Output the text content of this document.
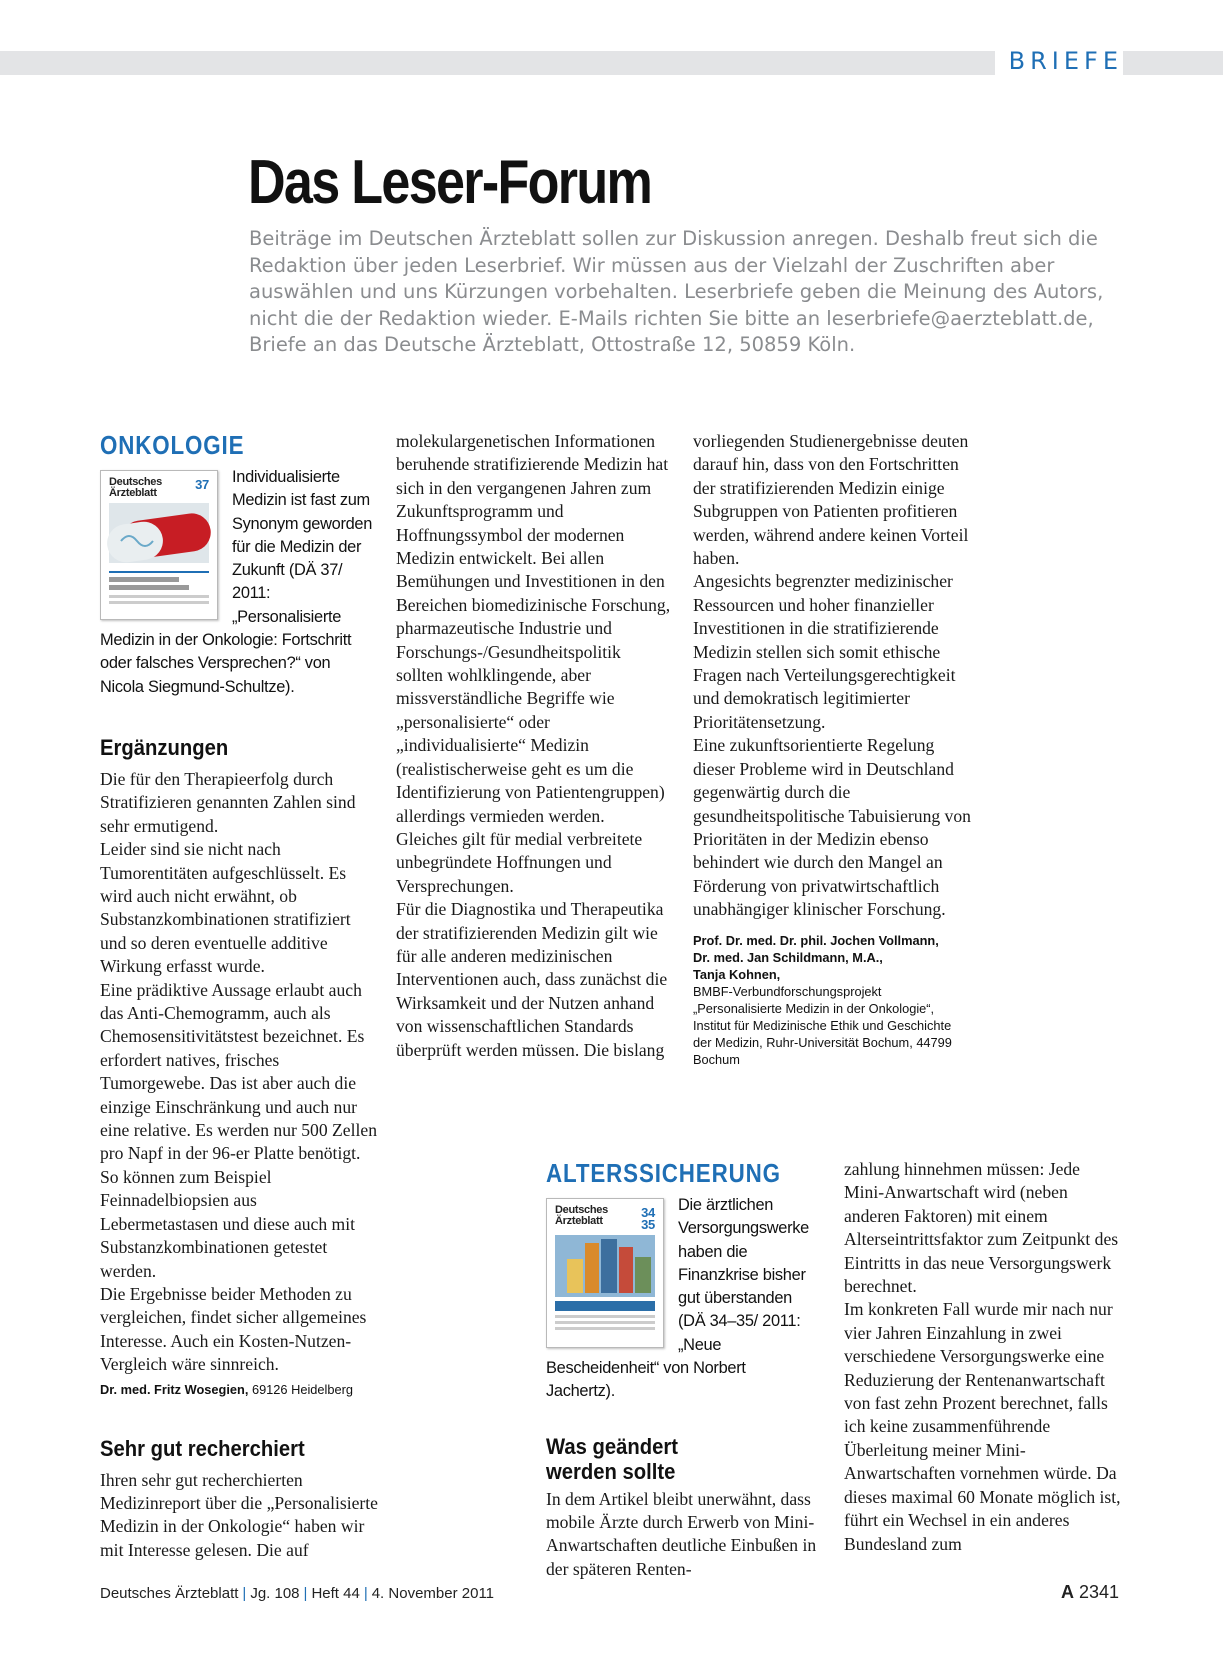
BRIEFE
Das Leser-Forum

Beiträge im Deutschen Ärzteblatt sollen zur Diskussion anregen. Deshalb freut sich die Redaktion über jeden Leserbrief. Wir müssen aus der Vielzahl der Zuschriften aber auswählen und uns Kürzungen vorbehalten. Leserbriefe geben die Meinung des Autors, nicht die der Redaktion wieder. E-Mails richten Sie bitte an leserbriefe@aerzteblatt.de, Briefe an das Deutsche Ärzteblatt, Ottostraße 12, 50859 Köln.

ONKOLOGIE
Deutsches
Ärzteblatt
37 Individualisierte Medizin ist fast zum Synonym geworden für die Medizin der Zukunft (DÄ 37/ 2011: „Personalisierte Medizin in der Onkologie: Fortschritt oder falsches Versprechen?“ von Nicola Siegmund-Schultze).
Ergänzungen

Die für den Therapieerfolg durch Stratifizieren genannten Zahlen sind sehr ermutigend.

Leider sind sie nicht nach Tumorentitäten aufgeschlüsselt. Es wird auch nicht erwähnt, ob Substanzkombinationen stratifiziert und so deren eventuelle additive Wirkung erfasst wurde.

Eine prädiktive Aussage erlaubt auch das Anti-Chemogramm, auch als Chemosensitivitätstest bezeichnet. Es erfordert natives, frisches Tumorgewebe. Das ist aber auch die einzige Einschränkung und auch nur eine relative. Es werden nur 500 Zellen pro Napf in der 96-er Platte benötigt. So können zum Beispiel Feinnadelbiopsien aus Lebermetastasen und diese auch mit Substanzkombinationen getestet werden.

Die Ergebnisse beider Methoden zu vergleichen, findet sicher allgemeines Interesse. Auch ein Kosten-Nutzen-Vergleich wäre sinnreich.

Dr. med. Fritz Wosegien, 69126 Heidelberg
Sehr gut recherchiert

Ihren sehr gut recherchierten Medizinreport über die „Personalisierte Medizin in der Onkologie“ haben wir mit Interesse gelesen. Die auf

molekulargenetischen Informationen beruhende stratifizierende Medizin hat sich in den vergangenen Jahren zum Zukunftsprogramm und Hoffnungssymbol der modernen Medizin entwickelt. Bei allen Bemühungen und Investitionen in den Bereichen biomedizinische Forschung, pharmazeutische Industrie und Forschungs-/Gesundheitspolitik sollten wohlklingende, aber missverständliche Begriffe wie „personalisierte“ oder „individualisierte“ Medizin (realistischerweise geht es um die Identifizierung von Patientengruppen) allerdings vermieden werden.

Gleiches gilt für medial verbreitete unbegründete Hoffnungen und Versprechungen.

Für die Diagnostika und Therapeutika der stratifizierenden Medizin gilt wie für alle anderen medizinischen Interventionen auch, dass zunächst die Wirksamkeit und der Nutzen anhand von wissenschaftlichen Standards überprüft werden müssen. Die bislang

vorliegenden Studienergebnisse deuten darauf hin, dass von den Fortschritten der stratifizierenden Medizin einige Subgruppen von Patienten profitieren werden, während andere keinen Vorteil haben.

Angesichts begrenzter medizinischer Ressourcen und hoher finanzieller Investitionen in die stratifizierende Medizin stellen sich somit ethische Fragen nach Verteilungsgerechtigkeit und demokratisch legitimierter Prioritätensetzung.

Eine zukunftsorientierte Regelung dieser Probleme wird in Deutschland gegenwärtig durch die gesundheitspolitische Tabuisierung von Prioritäten in der Medizin ebenso behindert wie durch den Mangel an Förderung von privatwirtschaftlich unabhängiger klinischer Forschung.

Prof. Dr. med. Dr. phil. Jochen Vollmann,
Dr. med. Jan Schildmann, M.A.,
Tanja Kohnen,
BMBF-Verbundforschungsprojekt „Personalisierte Medizin in der Onkologie“, Institut für Medizinische Ethik und Geschichte der Medizin, Ruhr-Universität Bochum, 44799 Bochum
ALTERSSICHERUNG
Deutsches
Ärzteblatt
34
35
Die ärztlichen Versorgungswerke haben die Finanzkrise bisher gut überstanden (DÄ 34–35/ 2011: „Neue Bescheidenheit“ von Norbert Jachertz).
Was geändert
werden sollte

In dem Artikel bleibt unerwähnt, dass mobile Ärzte durch Erwerb von Mini-Anwartschaften deutliche Einbußen in der späteren Renten-

zahlung hinnehmen müssen: Jede Mini-Anwartschaft wird (neben anderen Faktoren) mit einem Alterseintrittsfaktor zum Zeitpunkt des Eintritts in das neue Versorgungswerk berechnet.

Im konkreten Fall wurde mir nach nur vier Jahren Einzahlung in zwei verschiedene Versorgungswerke eine Reduzierung der Rentenanwartschaft von fast zehn Prozent berechnet, falls ich keine zusammenführende Überleitung meiner Mini-Anwartschaften vornehmen würde. Da dieses maximal 60 Monate möglich ist, führt ein Wechsel in ein anderes Bundesland zum

Deutsches Ärzteblatt | Jg. 108 | Heft 44 | 4. November 2011	A 2341
